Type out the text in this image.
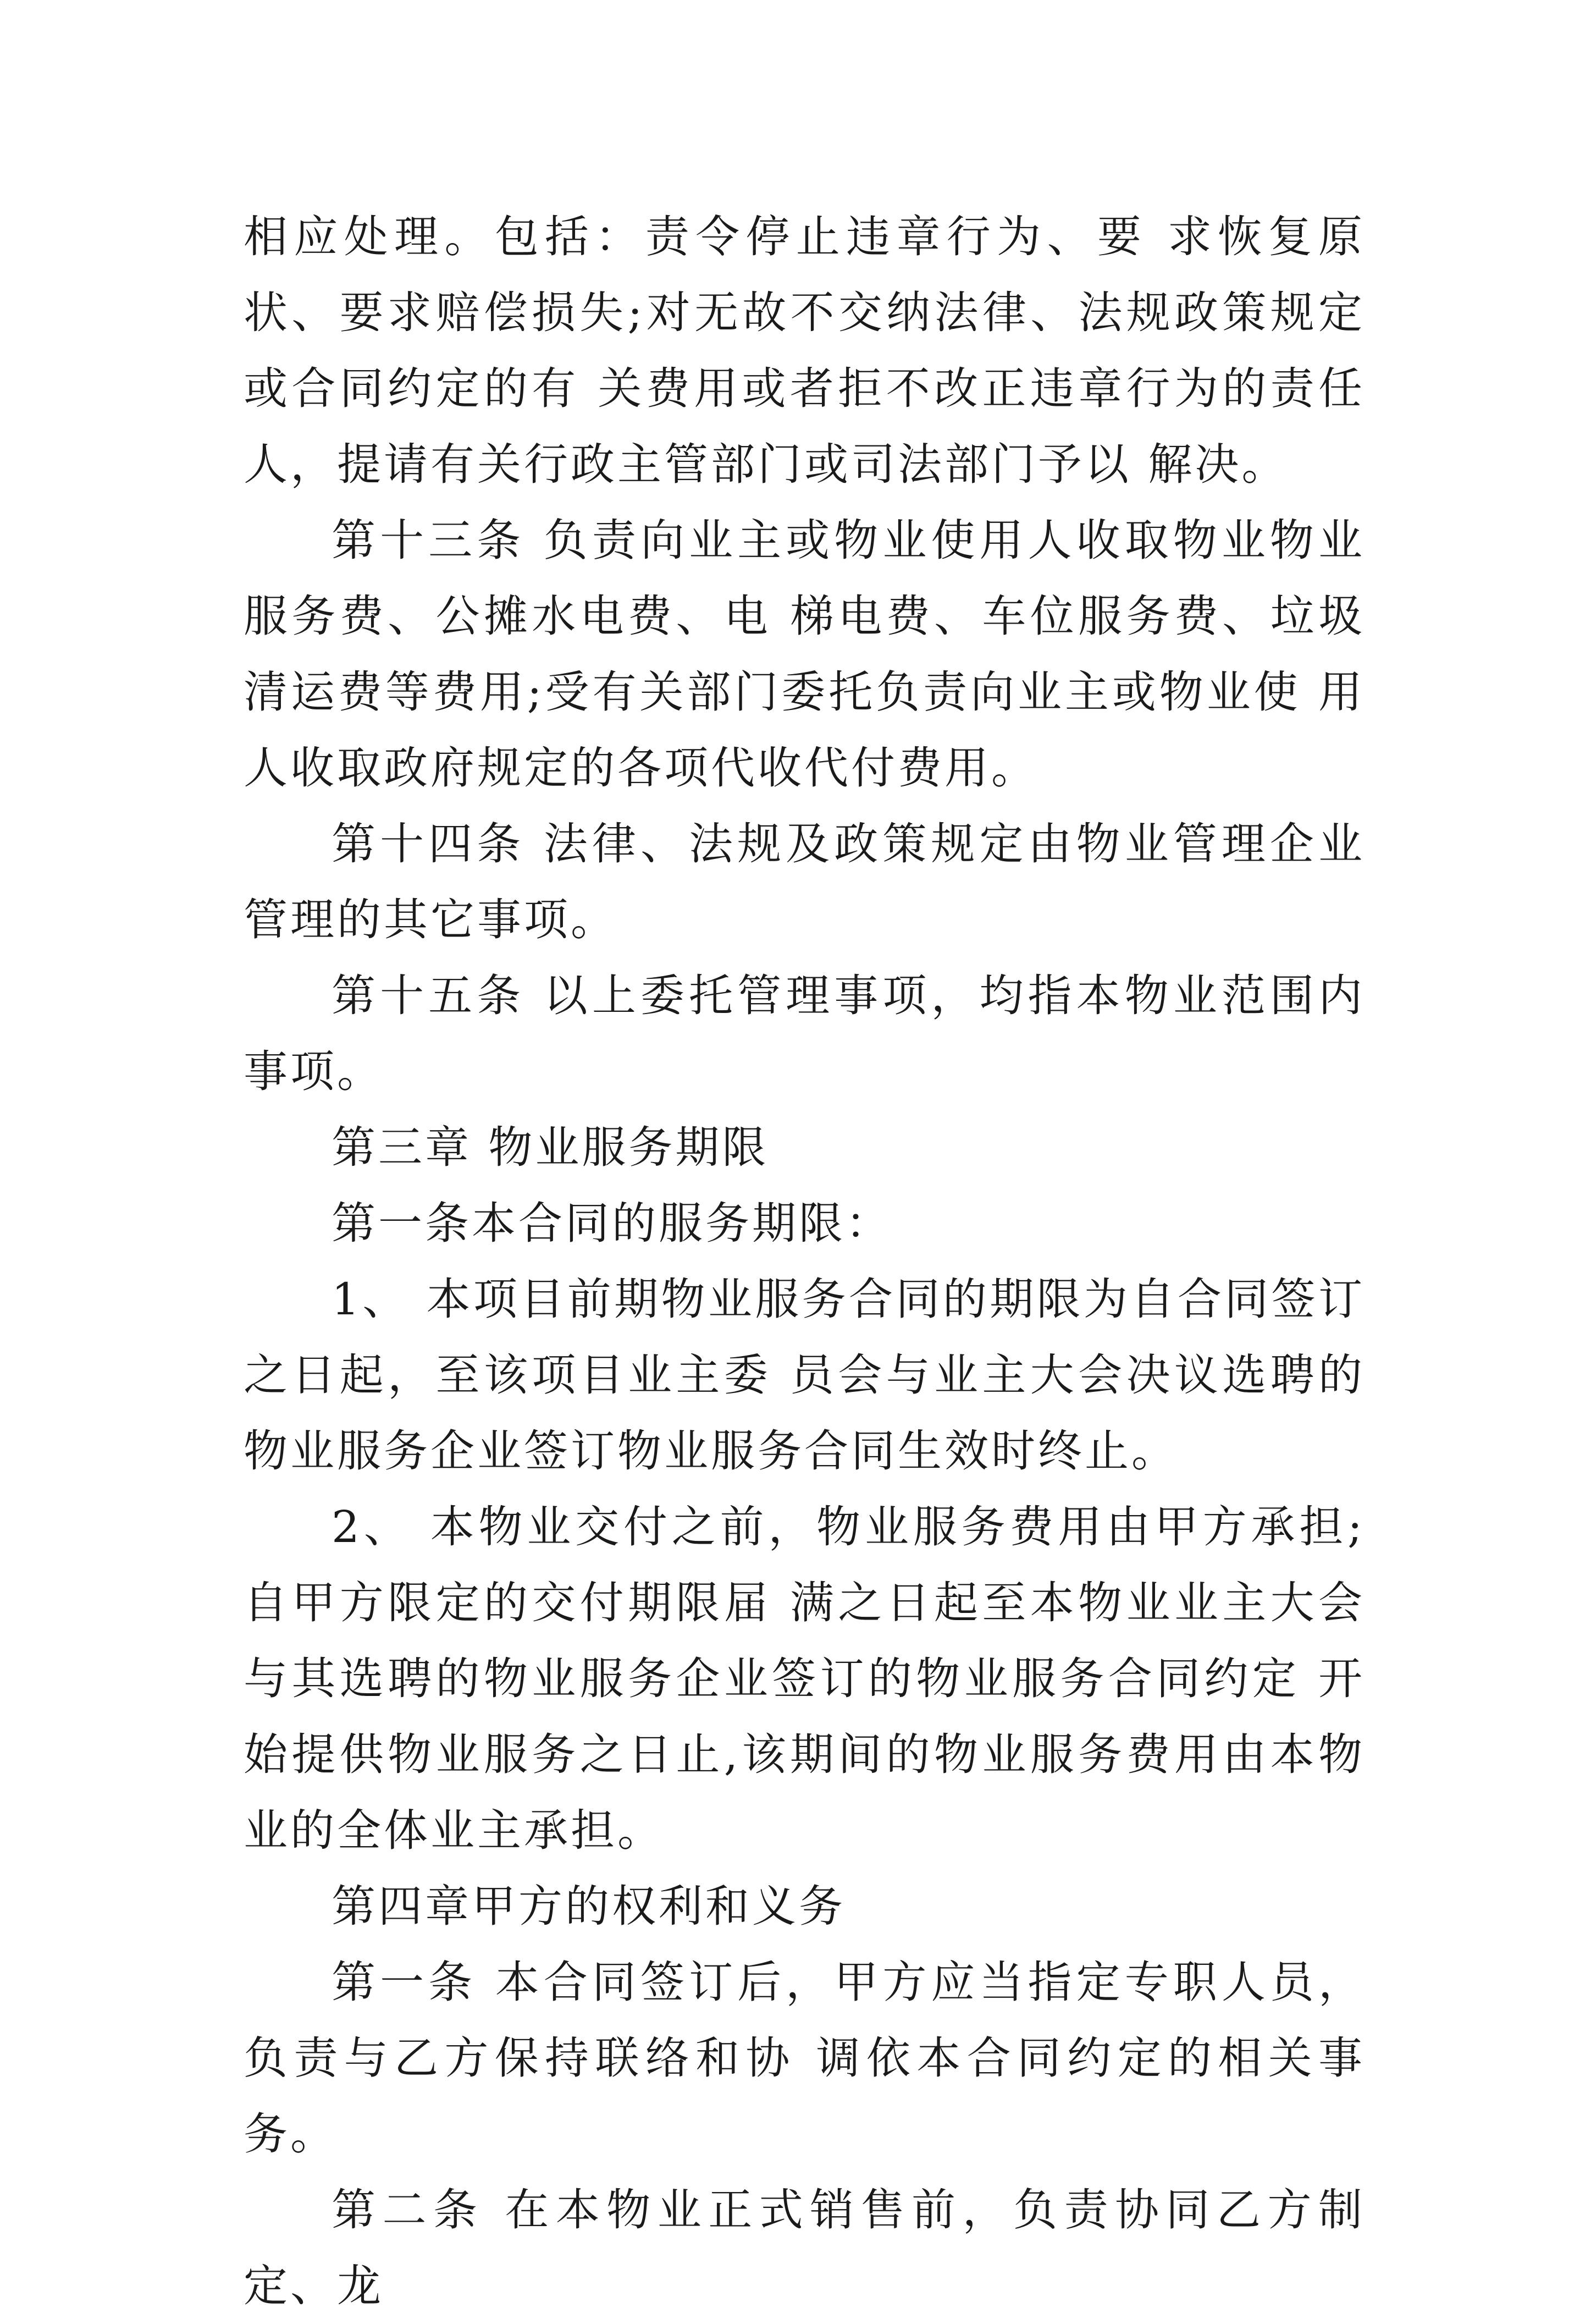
相应处理。包括：责令停止违章行为、要 求恢复原状、要求赔偿损失;对无故不交纳法律、法规政策规定或合同约定的有 关费用或者拒不改正违章行为的责任人，提请有关行政主管部门或司法部门予以 解决。

第十三条 负责向业主或物业使用人收取物业物业服务费、公摊水电费、电 梯电费、车位服务费、垃圾清运费等费用;受有关部门委托负责向业主或物业使 用人收取政府规定的各项代收代付费用。

第十四条 法律、法规及政策规定由物业管理企业管理的其它事项。

第十五条 以上委托管理事项，均指本物业范围内事项。

第三章 物业服务期限

第一条本合同的服务期限：

1、 本项目前期物业服务合同的期限为自合同签订之日起，至该项目业主委 员会与业主大会决议选聘的物业服务企业签订物业服务合同生效时终止。

2、 本物业交付之前，物业服务费用由甲方承担;自甲方限定的交付期限届 满之日起至本物业业主大会与其选聘的物业服务企业签订的物业服务合同约定 开始提供物业服务之日止,该期间的物业服务费用由本物业的全体业主承担。

第四章甲方的权利和义务

第一条 本合同签订后，甲方应当指定专职人员，负责与乙方保持联络和协 调依本合同约定的相关事务。

第二条 在本物业正式销售前，负责协同乙方制定、龙
